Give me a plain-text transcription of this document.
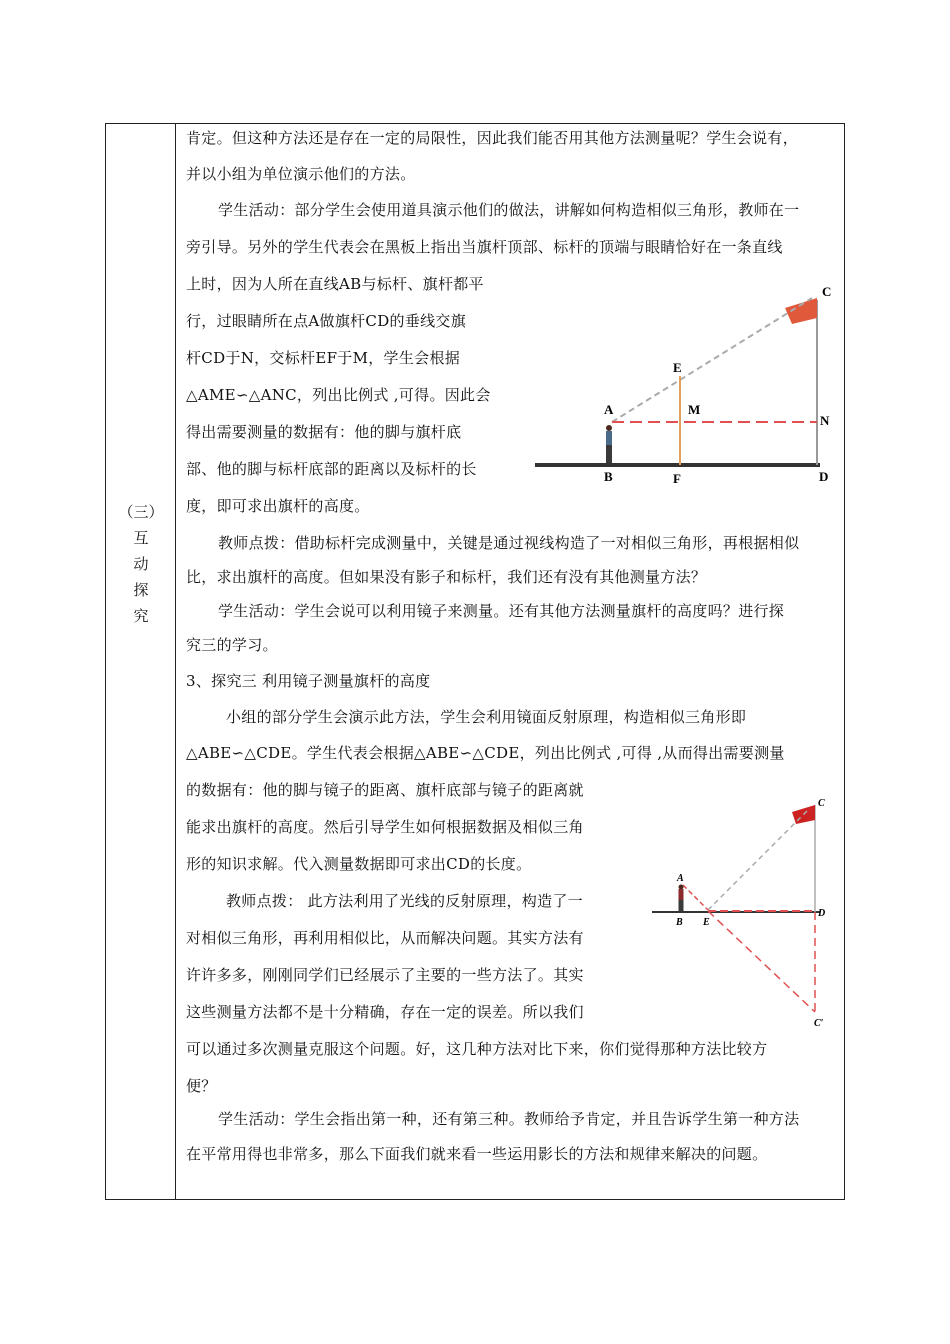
（三）
互
动
探
究
肯定。但这种方法还是存在一定的局限性，因此我们能否用其他方法测量呢？学生会说有，
并以小组为单位演示他们的方法。
学生活动：部分学生会使用道具演示他们的做法，讲解如何构造相似三角形，教师在一
旁引导。另外的学生代表会在黑板上指出当旗杆顶部、标杆的顶端与眼睛恰好在一条直线
上时，因为人所在直线AB与标杆、旗杆都平
行，过眼睛所在点A做旗杆CD的垂线交旗
杆CD于N，交标杆EF于M，学生会根据
△AME∽△ANC，列出比例式 ,可得。因此会
得出需要测量的数据有：他的脚与旗杆底
部、他的脚与标杆底部的距离以及标杆的长
度，即可求出旗杆的高度。
教师点拨：借助标杆完成测量中，关键是通过视线构造了一对相似三角形，再根据相似
比，求出旗杆的高度。但如果没有影子和标杆，我们还有没有其他测量方法？
学生活动：学生会说可以利用镜子来测量。还有其他方法测量旗杆的高度吗？进行探
究三的学习。
3、探究三 利用镜子测量旗杆的高度
小组的部分学生会演示此方法，学生会利用镜面反射原理，构造相似三角形即
△ABE∽△CDE。学生代表会根据△ABE∽△CDE，列出比例式 ,可得 ,从而得出需要测量
的数据有：他的脚与镜子的距离、旗杆底部与镜子的距离就
能求出旗杆的高度。然后引导学生如何根据数据及相似三角
形的知识求解。代入测量数据即可求出CD的长度。
教师点拨： 此方法利用了光线的反射原理，构造了一
对相似三角形，再利用相似比，从而解决问题。其实方法有
许许多多，刚刚同学们已经展示了主要的一些方法了。其实
这些测量方法都不是十分精确，存在一定的误差。所以我们
可以通过多次测量克服这个问题。好，这几种方法对比下来，你们觉得那种方法比较方
便？
学生活动：学生会指出第一种，还有第三种。教师给予肯定，并且告诉学生第一种方法
在平常用得也非常多，那么下面我们就来看一些运用影长的方法和规律来解决的问题。
C
E
A	M
N
B	F	D
C
A
B E
D
C′
